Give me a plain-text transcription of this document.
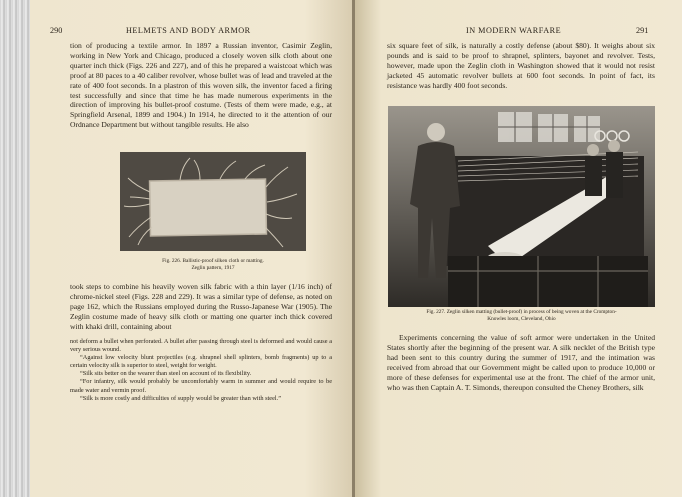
290	HELMETS AND BODY ARMOR
tion of producing a textile armor. In 1897 a Russian inventor, Casimir Zeglin, working in New York and Chicago, produced a closely woven silk cloth about one quarter inch thick (Figs. 226 and 227), and of this he prepared a waistcoat which was proof at 80 paces to a 40 caliber revolver, whose bullet was of lead and traveled at the rate of 400 foot seconds. In a plastron of this woven silk, the inventor faced a firing test successfully and since that time he has made numerous experiments in the direction of improving his bullet-proof costume. (Tests of them were made, e.g., at Springfield Arsenal, 1899 and 1904.) In 1914, he directed to it the attention of our Ordnance Department but without tangible results. He also
Fig. 226. Ballistic-proof silken cloth or matting.
Zeglin pattern, 1917
took steps to combine his heavily woven silk fabric with a thin layer (1/16 inch) of chrome-nickel steel (Figs. 228 and 229). It was a similar type of defense, as noted on page 162, which the Russians employed during the Russo-Japanese War (1905). The Zeglin costume made of heavy silk cloth or matting one quarter inch thick covered with khaki drill, containing about
not deform a bullet when perforated. A bullet after passing through steel is deformed and would cause a very serious wound.
“Against low velocity blunt projectiles (e.g. shrapnel shell splinters, bomb fragments) up to a certain velocity silk is superior to steel, weight for weight.
“Silk sits better on the wearer than steel on account of its flexibility.
“For infantry, silk would probably be uncomfortably warm in summer and would require to be made water and vermin proof.
“Silk is more costly and difficulties of supply would be greater than with steel.”
IN MODERN WARFARE	291
six square feet of silk, is naturally a costly defense (about $80). It weighs about six pounds and is said to be proof to shrapnel, splinters, bayonet and revolver. Tests, however, made upon the Zeglin cloth in Washington showed that it would not resist jacketed 45 automatic revolver bullets at 600 foot seconds. In point of fact, its resistance was hardly 400 foot seconds.
Fig. 227. Zeglin silken matting (bullet-proof) in process of being woven at the Crompton-
Knowles loom, Cleveland, Ohio
Experiments concerning the value of soft armor were undertaken in the United States shortly after the beginning of the present war. A silk necklet of the British type had been sent to this country during the summer of 1917, and the intimation was received from abroad that our Government might be called upon to produce 10,000 or more of these defenses for experimental use at the front. The chief of the armor unit, who was then Captain A. T. Simonds, thereupon consulted the Cheney Brothers, silk
